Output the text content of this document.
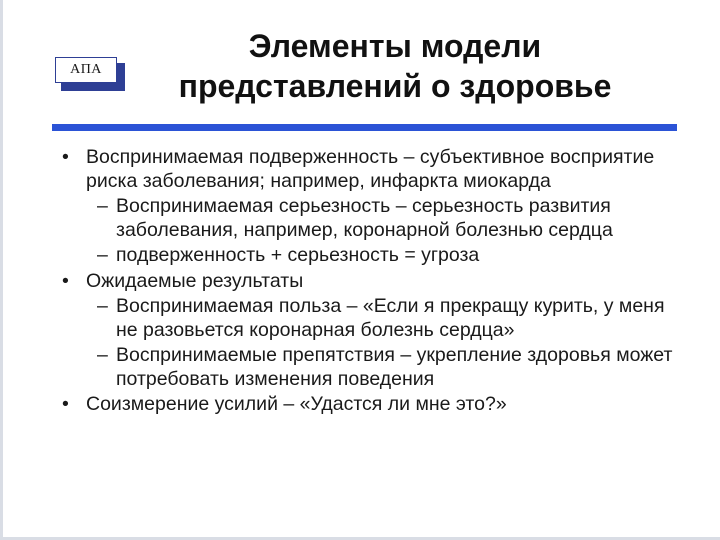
АПА
Элементы модели
представлений о здоровье
• Воспринимаемая подверженность – субъективное восприятие риска заболевания; например, инфаркта миокарда
– Воспринимаемая серьезность – серьезность развития заболевания, например, коронарной болезнью сердца
– подверженность + серьезность = угроза
• Ожидаемые результаты
– Воспринимаемая польза – «Если я прекращу курить, у меня не разовьется коронарная болезнь сердца»
– Воспринимаемые препятствия – укрепление здоровья может потребовать изменения поведения
• Соизмерение усилий – «Удастся ли мне это?»
